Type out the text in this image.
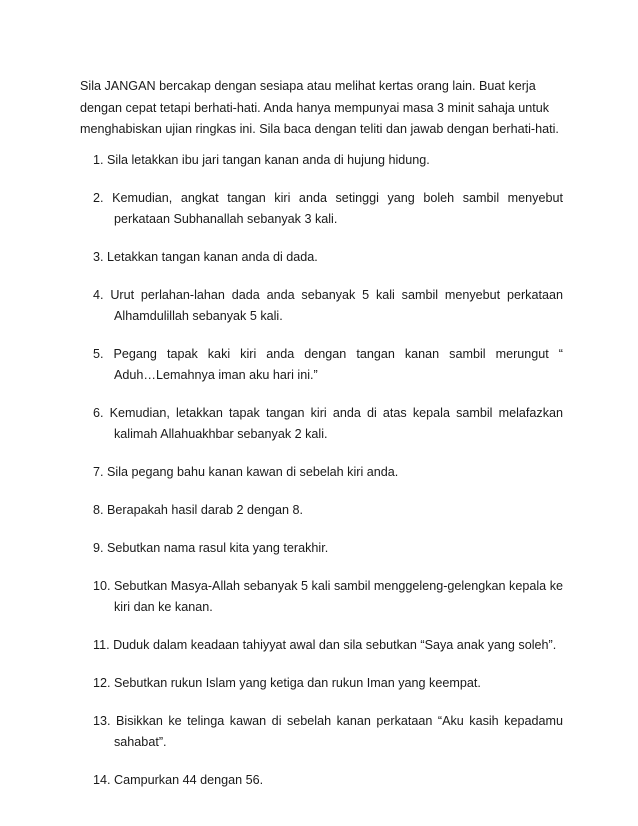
Sila JANGAN bercakap dengan sesiapa atau melihat kertas orang lain. Buat kerja
dengan cepat tetapi berhati-hati. Anda hanya mempunyai masa 3 minit sahaja untuk
menghabiskan ujian ringkas ini. Sila baca dengan teliti dan jawab dengan berhati-hati.

1. Sila letakkan ibu jari tangan kanan anda di hujung hidung.
2. Kemudian, angkat tangan kiri anda setinggi yang boleh sambil menyebut
perkataan Subhanallah sebanyak 3 kali.
3. Letakkan tangan kanan anda di dada.
4. Urut perlahan-lahan dada anda sebanyak 5 kali sambil menyebut perkataan
Alhamdulillah sebanyak 5 kali.
5. Pegang tapak kaki kiri anda dengan tangan kanan sambil merungut “
Aduh…Lemahnya iman aku hari ini.”
6. Kemudian, letakkan tapak tangan kiri anda di atas kepala sambil melafazkan
kalimah Allahuakhbar sebanyak 2 kali.
7. Sila pegang bahu kanan kawan di sebelah kiri anda.
8. Berapakah hasil darab 2 dengan 8.
9. Sebutkan nama rasul kita yang terakhir.
10. Sebutkan Masya-Allah sebanyak 5 kali sambil menggeleng-gelengkan kepala ke
kiri dan ke kanan.
11. Duduk dalam keadaan tahiyyat awal dan sila sebutkan “Saya anak yang soleh”.
12. Sebutkan rukun Islam yang ketiga dan rukun Iman yang keempat.
13. Bisikkan ke telinga kawan di sebelah kanan perkataan “Aku kasih kepadamu
sahabat”.
14. Campurkan 44 dengan 56.
